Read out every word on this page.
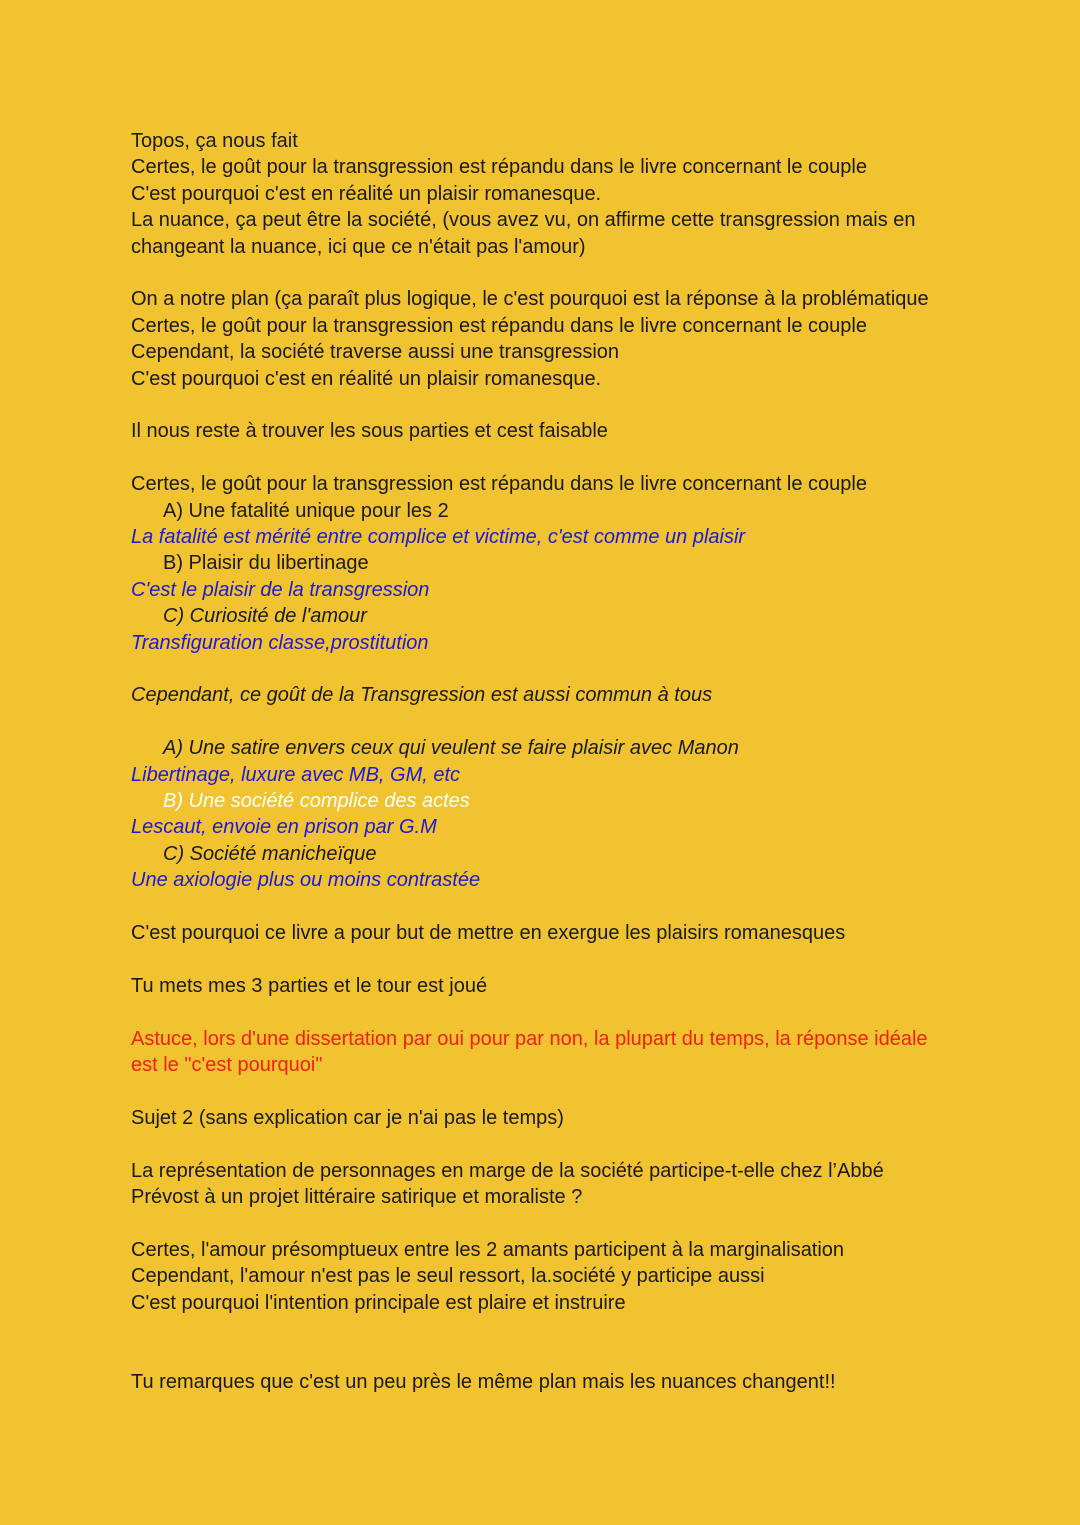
Topos, ça nous fait
Certes, le goût pour la transgression est répandu dans le livre concernant le couple
C'est pourquoi c'est en réalité un plaisir romanesque.
La nuance, ça peut être la société, (vous avez vu, on affirme cette transgression mais en
changeant la nuance, ici que ce n'était pas l'amour)
On a notre plan (ça paraît plus logique, le c'est pourquoi est la réponse à la problématique
Certes, le goût pour la transgression est répandu dans le livre concernant le couple
Cependant, la société traverse aussi une transgression
C'est pourquoi c'est en réalité un plaisir romanesque.
Il nous reste à trouver les sous parties et cest faisable
Certes, le goût pour la transgression est répandu dans le livre concernant le couple
A) Une fatalité unique pour les 2
La fatalité est mérité entre complice et victime, c'est comme un plaisir
B) Plaisir du libertinage
C'est le plaisir de la transgression
C) Curiosité de l'amour
Transfiguration classe,prostitution
Cependant, ce goût de la Transgression est aussi commun à tous
A) Une satire envers ceux qui veulent se faire plaisir avec Manon
Libertinage, luxure avec MB, GM, etc
B) Une société complice des actes
Lescaut, envoie en prison par G.M
C) Société manicheïque
Une axiologie plus ou moins contrastée
C'est pourquoi ce livre a pour but de mettre en exergue les plaisirs romanesques
Tu mets mes 3 parties et le tour est joué
Astuce, lors d'une dissertation par oui pour par non, la plupart du temps, la réponse idéale
est le "c'est pourquoi"
Sujet 2 (sans explication car je n'ai pas le temps)
La représentation de personnages en marge de la société participe-t-elle chez l’Abbé
Prévost à un projet littéraire satirique et moraliste ?
Certes, l'amour présomptueux entre les 2 amants participent à la marginalisation
Cependant, l'amour n'est pas le seul ressort, la.société y participe aussi
C'est pourquoi l'intention principale est plaire et instruire
Tu remarques que c'est un peu près le même plan mais les nuances changent!!
